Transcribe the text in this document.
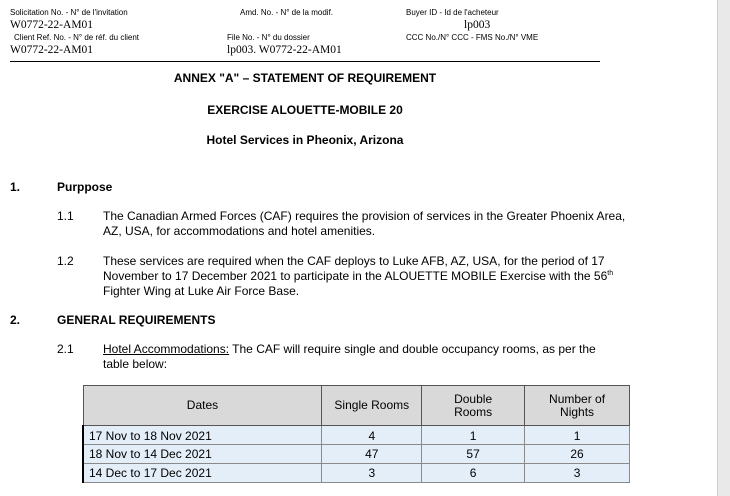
Solicitation No. - N° de l'invitation
W0772-22-AM01
Client Ref. No. - N° de réf. du client
W0772-22-AM01
Amd. No. - N° de la modif.
File No. - N° du dossier
lp003. W0772-22-AM01
Buyer ID - Id de l'acheteur
lp003
CCC No./N° CCC - FMS No./N° VME
ANNEX "A" – STATEMENT OF REQUIREMENT
EXERCISE ALOUETTE-MOBILE 20
Hotel Services in Pheonix, Arizona
1.	Purppose
1.1 The Canadian Armed Forces (CAF) requires the provision of services in the Greater Phoenix Area, AZ, USA, for accommodations and hotel amenities.
1.2 These services are required when the CAF deploys to Luke AFB, AZ, USA, for the period of 17 November to 17 December 2021 to participate in the ALOUETTE MOBILE Exercise with the 56th Fighter Wing at Luke Air Force Base.
2.	GENERAL REQUIREMENTS
2.1 Hotel Accommodations: The CAF will require single and double occupancy rooms, as per the table below:
Dates	Single Rooms	Double Rooms	Number of Nights
17 Nov to 18 Nov 2021	4	1	1
18 Nov to 14 Dec 2021	47	57	26
14 Dec to 17 Dec 2021	3	6	3
